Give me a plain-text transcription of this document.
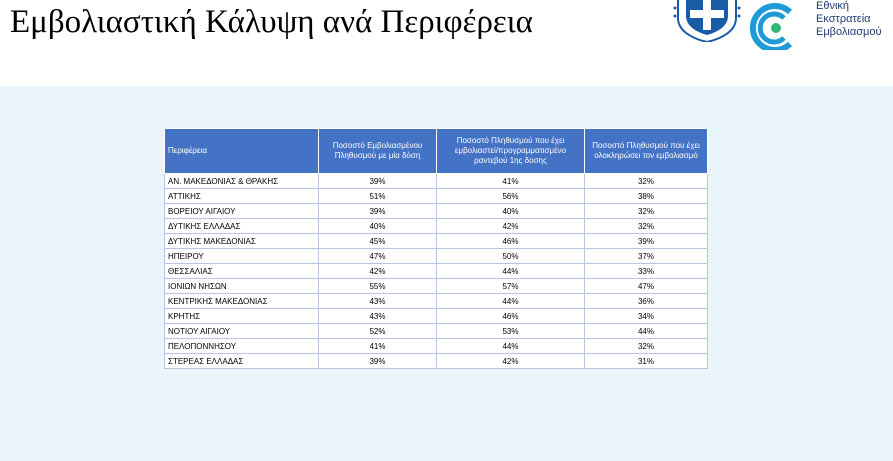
Εμβολιαστική Κάλυψη ανά Περιφέρεια	Εθνική
Εκστρατεία
Εμβολιασμού
Περιφέρεια	Ποσοστό Εμβολιασμένου Πληθυσμού με μία δόση	Ποσοστό Πληθυσμού που έχει εμβολιαστεί/προγραμματισμένο ραντεβού 1ης δοσης	Ποσοστό Πληθυσμού που έχει ολοκληρώσει τον εμβολιασμό
ΑΝ. ΜΑΚΕΔΟΝΙΑΣ & ΘΡΑΚΗΣ	39%	41%	32%
ΑΤΤΙΚΗΣ	51%	56%	38%
ΒΟΡΕΙΟΥ ΑΙΓΑΙΟΥ	39%	40%	32%
ΔΥΤΙΚΗΣ ΕΛΛΑΔΑΣ	40%	42%	32%
ΔΥΤΙΚΗΣ ΜΑΚΕΔΟΝΙΑΣ	45%	46%	39%
ΗΠΕΙΡΟΥ	47%	50%	37%
ΘΕΣΣΑΛΙΑΣ	42%	44%	33%
ΙΟΝΙΩΝ ΝΗΣΩΝ	55%	57%	47%
ΚΕΝΤΡΙΚΗΣ ΜΑΚΕΔΟΝΙΑΣ	43%	44%	36%
ΚΡΗΤΗΣ	43%	46%	34%
ΝΟΤΙΟΥ ΑΙΓΑΙΟΥ	52%	53%	44%
ΠΕΛΟΠΟΝΝΗΣΟΥ	41%	44%	32%
ΣΤΕΡΕΑΣ ΕΛΛΑΔΑΣ	39%	42%	31%
